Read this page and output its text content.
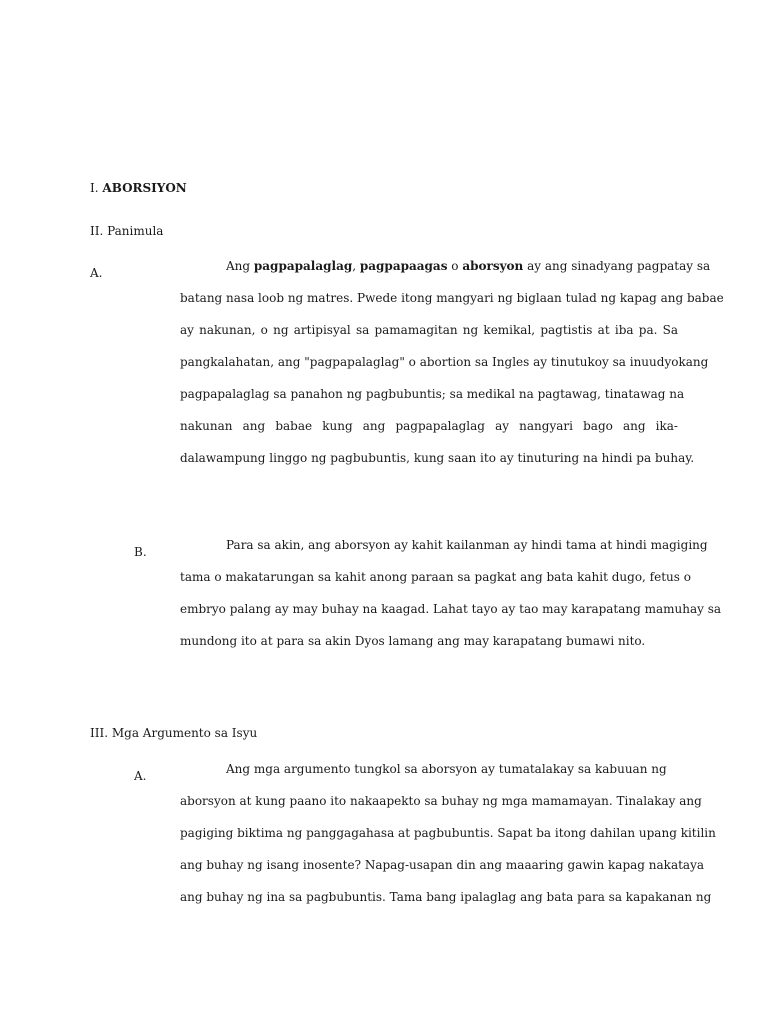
I. ABORSIYON
II. Panimula
A.	Ang pagpapalaglag, pagpapaagas o aborsyon ay ang sinadyang pagpatay sa
batang nasa loob ng matres. Pwede itong mangyari ng biglaan tulad ng kapag ang babae
ay nakunan, o ng artipisyal sa pamamagitan ng kemikal, pagtistis at iba pa. Sa
pangkalahatan, ang "pagpapalaglag" o abortion sa Ingles ay tinutukoy sa inuudyokang
pagpapalaglag sa panahon ng pagbubuntis; sa medikal na pagtawag, tinatawag na
nakunan ang babae kung ang pagpapalaglag ay nangyari bago ang ika-
dalawampung linggo ng pagbubuntis, kung saan ito ay tinuturing na hindi pa buhay.
B.	Para sa akin, ang aborsyon ay kahit kailanman ay hindi tama at hindi magiging
tama o makatarungan sa kahit anong paraan sa pagkat ang bata kahit dugo, fetus o
embryo palang ay may buhay na kaagad. Lahat tayo ay tao may karapatang mamuhay sa
mundong ito at para sa akin Dyos lamang ang may karapatang bumawi nito.
III. Mga Argumento sa Isyu
A.	Ang mga argumento tungkol sa aborsyon ay tumatalakay sa kabuuan ng
aborsyon at kung paano ito nakaapekto sa buhay ng mga mamamayan. Tinalakay ang
pagiging biktima ng panggagahasa at pagbubuntis. Sapat ba itong dahilan upang kitilin
ang buhay ng isang inosente? Napag-usapan din ang maaaring gawin kapag nakataya
ang buhay ng ina sa pagbubuntis. Tama bang ipalaglag ang bata para sa kapakanan ng
